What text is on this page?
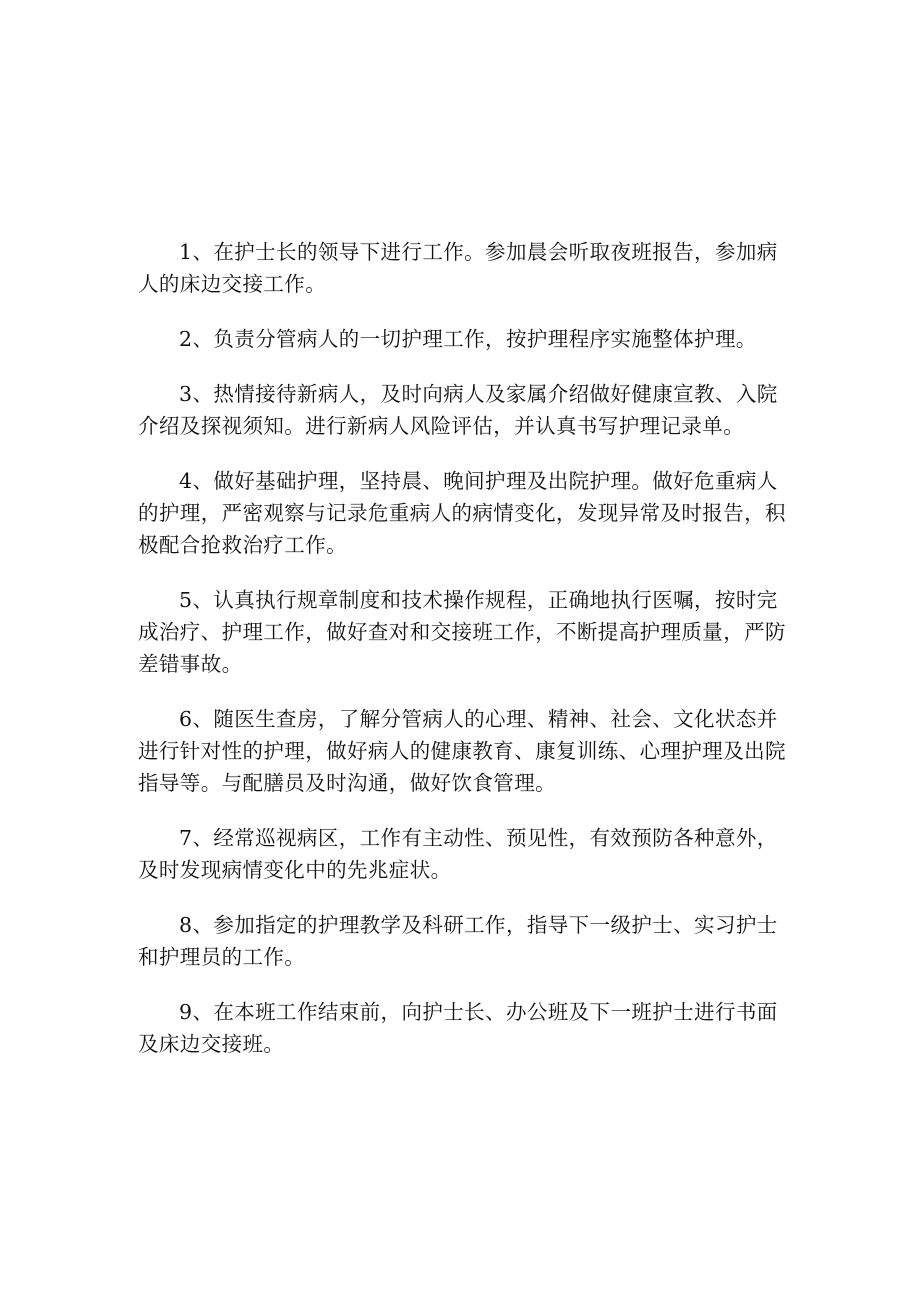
1、在护士长的领导下进行工作。参加晨会听取夜班报告，参加病人的床边交接工作。

2、负责分管病人的一切护理工作，按护理程序实施整体护理。

3、热情接待新病人，及时向病人及家属介绍做好健康宣教、入院介绍及探视须知。进行新病人风险评估，并认真书写护理记录单。

4、做好基础护理，坚持晨、晚间护理及出院护理。做好危重病人的护理，严密观察与记录危重病人的病情变化，发现异常及时报告，积极配合抢救治疗工作。

5、认真执行规章制度和技术操作规程，正确地执行医嘱，按时完成治疗、护理工作，做好查对和交接班工作，不断提高护理质量，严防差错事故。

6、随医生查房，了解分管病人的心理、精神、社会、文化状态并进行针对性的护理，做好病人的健康教育、康复训练、心理护理及出院指导等。与配膳员及时沟通，做好饮食管理。

7、经常巡视病区，工作有主动性、预见性，有效预防各种意外，及时发现病情变化中的先兆症状。

8、参加指定的护理教学及科研工作，指导下一级护士、实习护士和护理员的工作。

9、在本班工作结束前，向护士长、办公班及下一班护士进行书面及床边交接班。
